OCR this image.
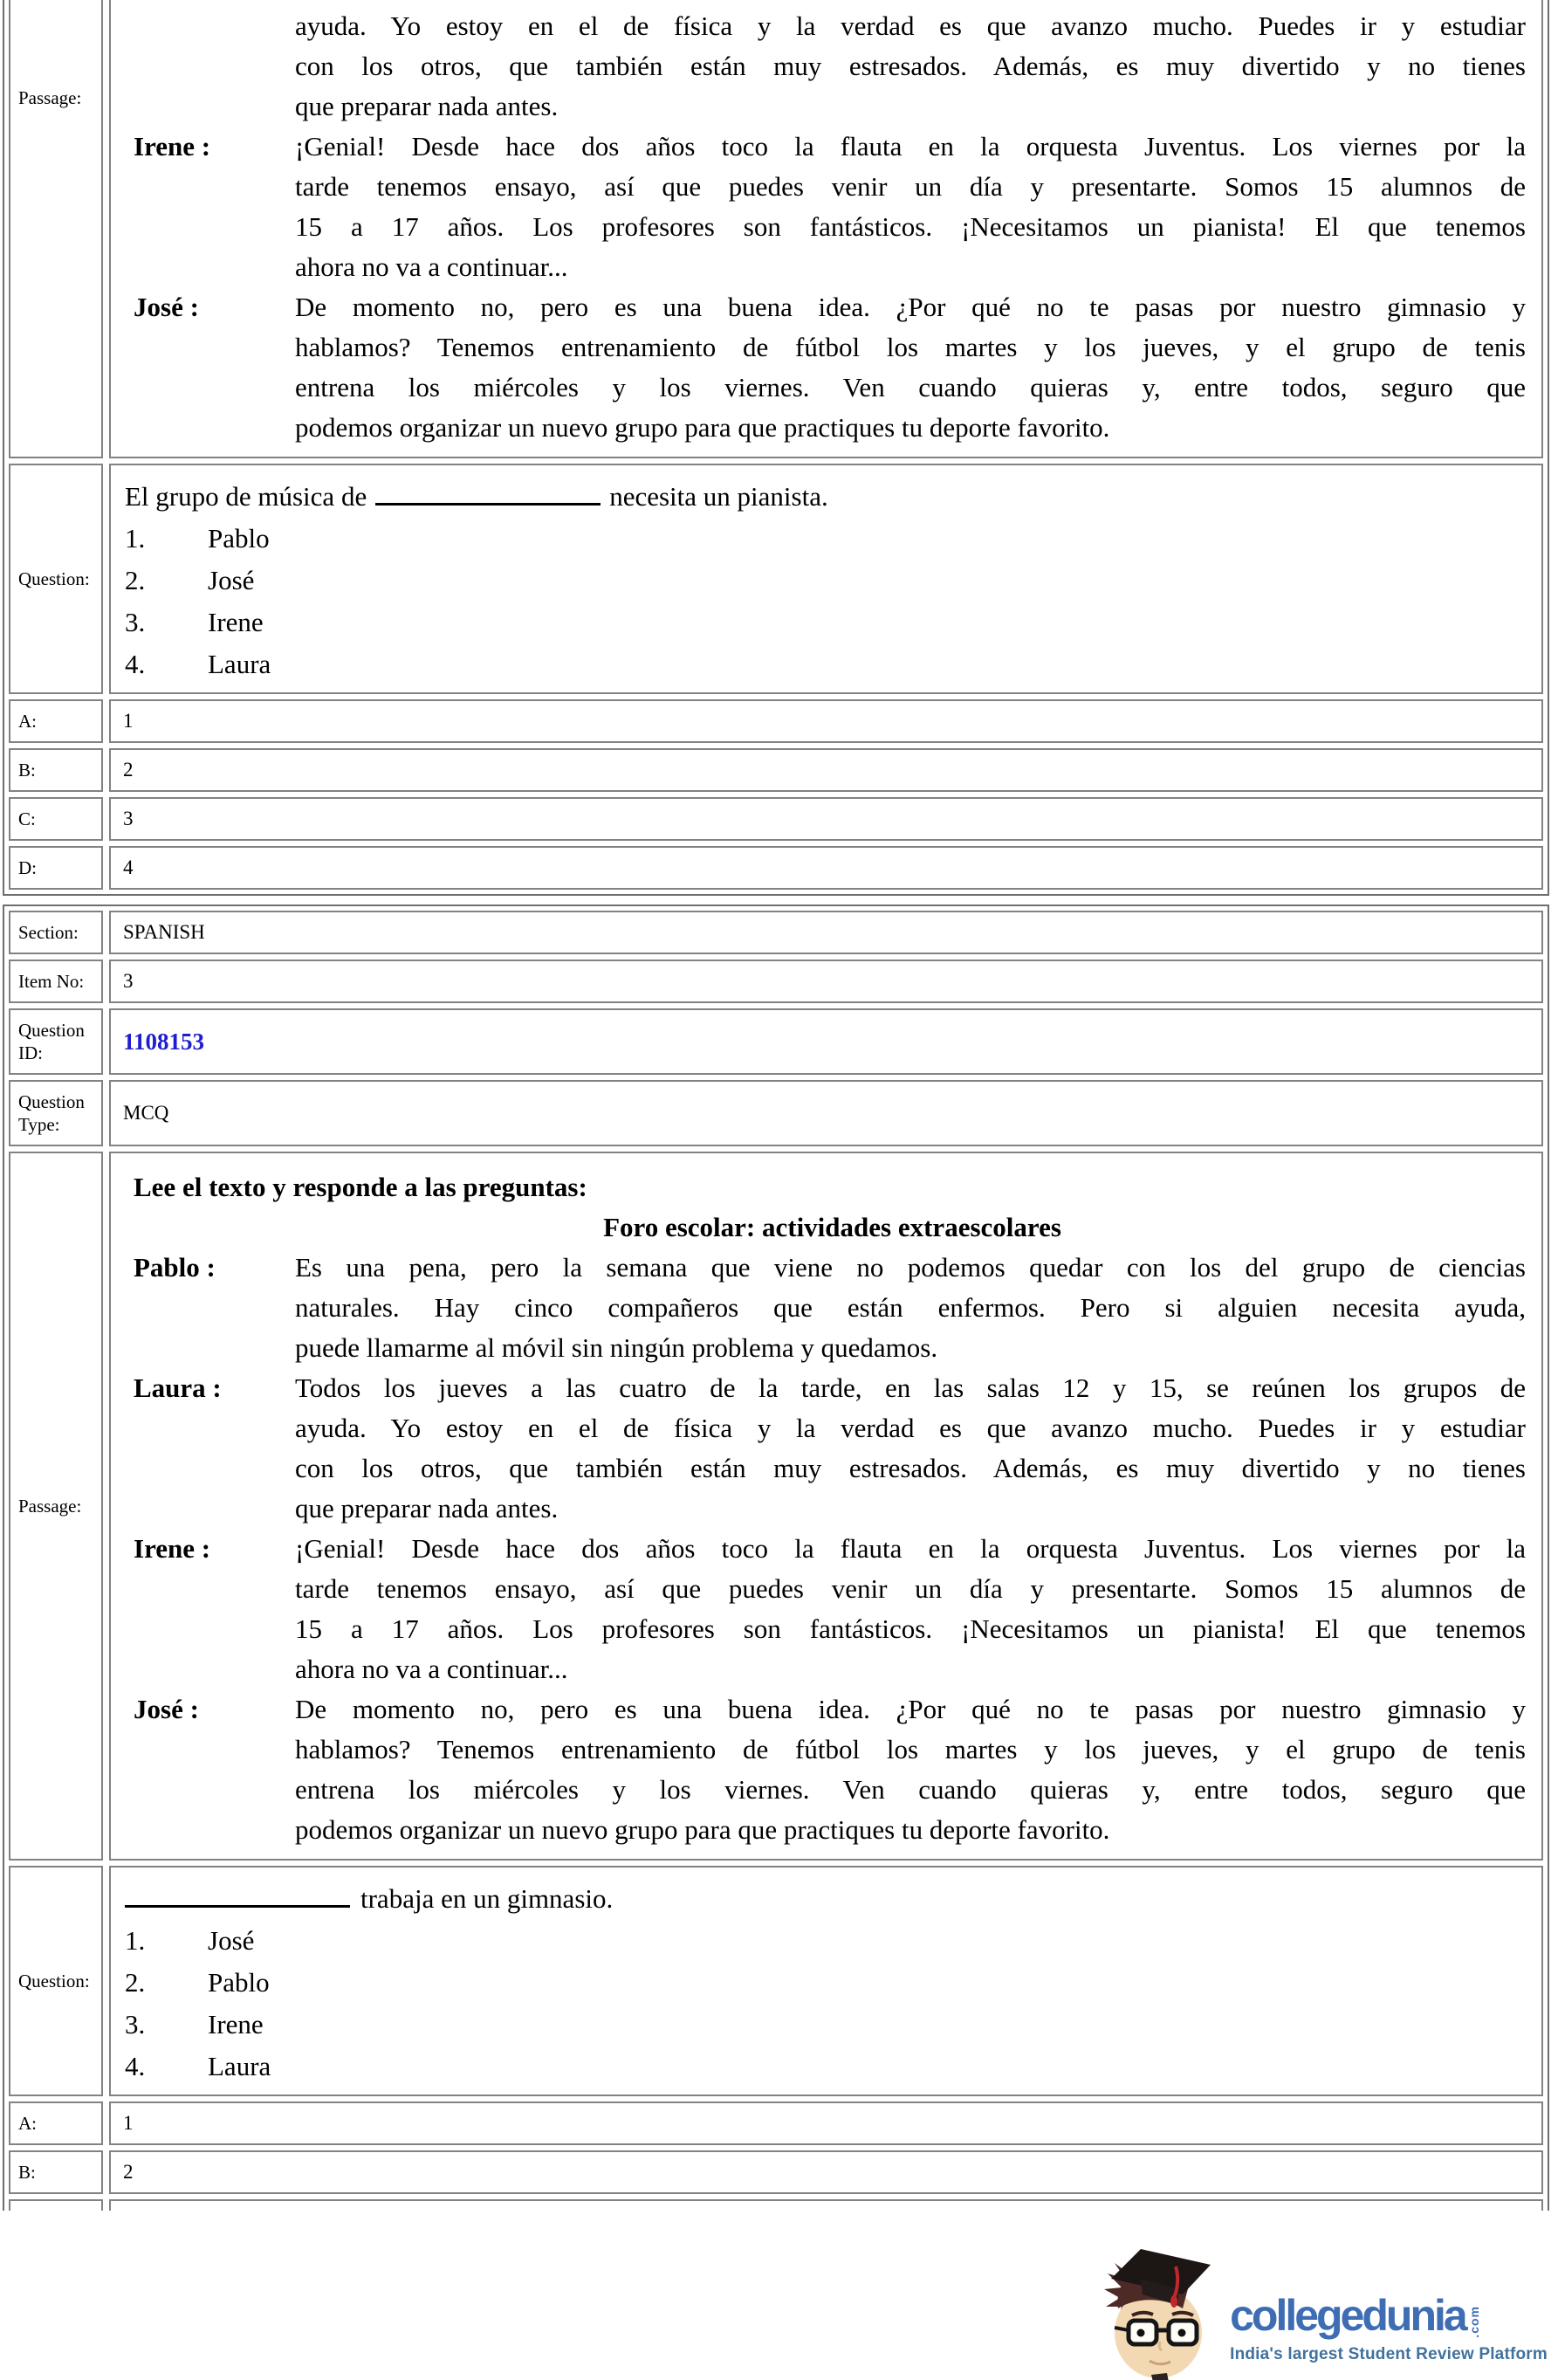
Passage:
ayuda. Yo estoy en el de física y la verdad es que avanzo mucho. Puedes ir y estudiar
con los otros, que también están muy estresados. Además, es muy divertido y no tienes
que preparar nada antes.
Irene :	¡Genial! Desde hace dos años toco la flauta en la orquesta Juventus. Los viernes por la
tarde tenemos ensayo, así que puedes venir un día y presentarte. Somos 15 alumnos de
15 a 17 años. Los profesores son fantásticos. ¡Necesitamos un pianista! El que tenemos
ahora no va a continuar...
José :	De momento no, pero es una buena idea. ¿Por qué no te pasas por nuestro gimnasio y
hablamos? Tenemos entrenamiento de fútbol los martes y los jueves, y el grupo de tenis
entrena los miércoles y los viernes. Ven cuando quieras y, entre todos, seguro que
podemos organizar un nuevo grupo para que practiques tu deporte favorito.
Question:
El grupo de música de	necesita un pianista.
1.	Pablo
2.	José
3.	Irene
4.	Laura
A:	1
B:	2
C:	3
D:	4
Section:	SPANISH
Item No:	3
Question ID:	1108153
Question Type:
MCQ
Passage:
Lee el texto y responde a las preguntas:
Foro escolar: actividades extraescolares
Pablo :	Es una pena, pero la semana que viene no podemos quedar con los del grupo de ciencias
naturales. Hay cinco compañeros que están enfermos. Pero si alguien necesita ayuda,
puede llamarme al móvil sin ningún problema y quedamos.
Laura :	Todos los jueves a las cuatro de la tarde, en las salas 12 y 15, se reúnen los grupos de
ayuda. Yo estoy en el de física y la verdad es que avanzo mucho. Puedes ir y estudiar
con los otros, que también están muy estresados. Además, es muy divertido y no tienes
que preparar nada antes.
Irene :	¡Genial! Desde hace dos años toco la flauta en la orquesta Juventus. Los viernes por la
tarde tenemos ensayo, así que puedes venir un día y presentarte. Somos 15 alumnos de
15 a 17 años. Los profesores son fantásticos. ¡Necesitamos un pianista! El que tenemos
ahora no va a continuar...
José :	De momento no, pero es una buena idea. ¿Por qué no te pasas por nuestro gimnasio y
hablamos? Tenemos entrenamiento de fútbol los martes y los jueves, y el grupo de tenis
entrena los miércoles y los viernes. Ven cuando quieras y, entre todos, seguro que
podemos organizar un nuevo grupo para que practiques tu deporte favorito.
Question:
trabaja en un gimnasio.
1.	José
2.	Pablo
3.	Irene
4.	Laura
A:	1
B:	2
collegedunia .com
India's largest Student Review Platform
